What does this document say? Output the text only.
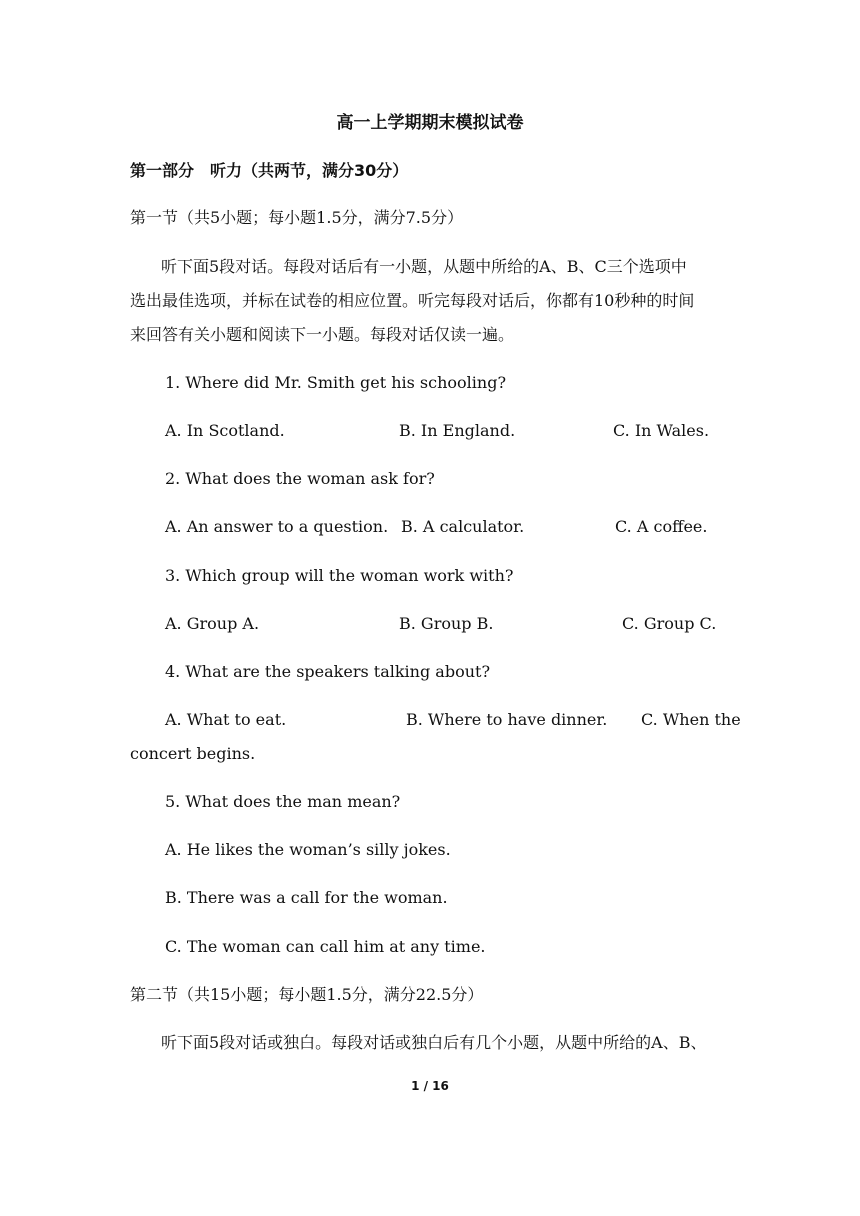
高一上学期期末模拟试卷
第一部分　听力（共两节，满分30分）
第一节（共5小题；每小题1.5分，满分7.5分）
听下面5段对话。每段对话后有一小题，从题中所给的A、B、C三个选项中
选出最佳选项，并标在试卷的相应位置。听完每段对话后，你都有10秒种的时间
来回答有关小题和阅读下一小题。每段对话仅读一遍。
1. Where did Mr. Smith get his schooling?
A. In Scotland.	B. In England.	C. In Wales.
2. What does the woman ask for?
A. An answer to a question. B. A calculator.	C. A coffee.
3. Which group will the woman work with?
A. Group A.	B. Group B.	C. Group C.
4. What are the speakers talking about?
A. What to eat.	B. Where to have dinner. C. When the
concert begins.
5. What does the man mean?
A. He likes the woman’s silly jokes.
B. There was a call for the woman.
C. The woman can call him at any time.
第二节（共15小题；每小题1.5分，满分22.5分）
听下面5段对话或独白。每段对话或独白后有几个小题，从题中所给的A、B、
1 / 16
